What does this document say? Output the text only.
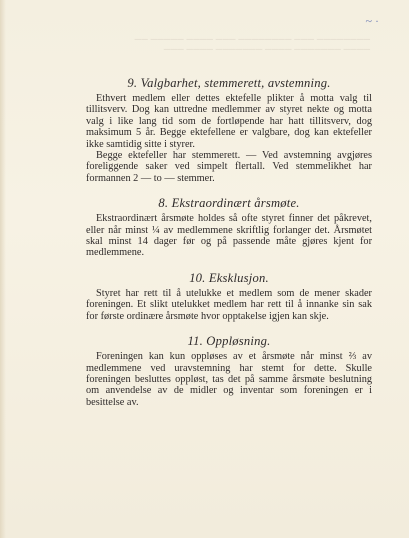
──────── ─── ──────── ─── ──── ───── ──
──── ─────── ──── ─────── ──── ───
~ ·
9. Valgbarhet, stemmerett, avstemning.

Ethvert medlem eller dettes ektefelle plikter å motta valg til tillitsverv. Dog kan uttredne medlemmer av styret nekte og motta valg i like lang tid som de fortløpende har hatt tillitsverv, dog maksimum 5 år. Begge ektefellene er valgbare, dog kan ektefeller ikke samtidig sitte i styrer.

Begge ektefeller har stemmerett. — Ved avstemning avgjøres foreliggende saker ved simpelt flertall. Ved stemmelikhet har formannen 2 — to — stemmer.

8. Ekstraordinært årsmøte.

Ekstraordinært årsmøte holdes så ofte styret finner det påkrevet, eller når minst ¼ av medlemmene skriftlig forlanger det. Årsmøtet skal minst 14 dager før og på passende måte gjøres kjent for medlemmene.

10. Eksklusjon.

Styret har rett til å utelukke et medlem som de mener skader foreningen. Et slikt utelukket medlem har rett til å innanke sin sak for første ordinære årsmøte hvor opptakelse igjen kan skje.

11. Oppløsning.

Foreningen kan kun oppløses av et årsmøte når minst ⅔ av medlemmene ved uravstemning har stemt for dette. Skulle foreningen besluttes oppløst, tas det på samme årsmøte beslutning om anvendelse av de midler og inventar som foreningen er i besittelse av.
